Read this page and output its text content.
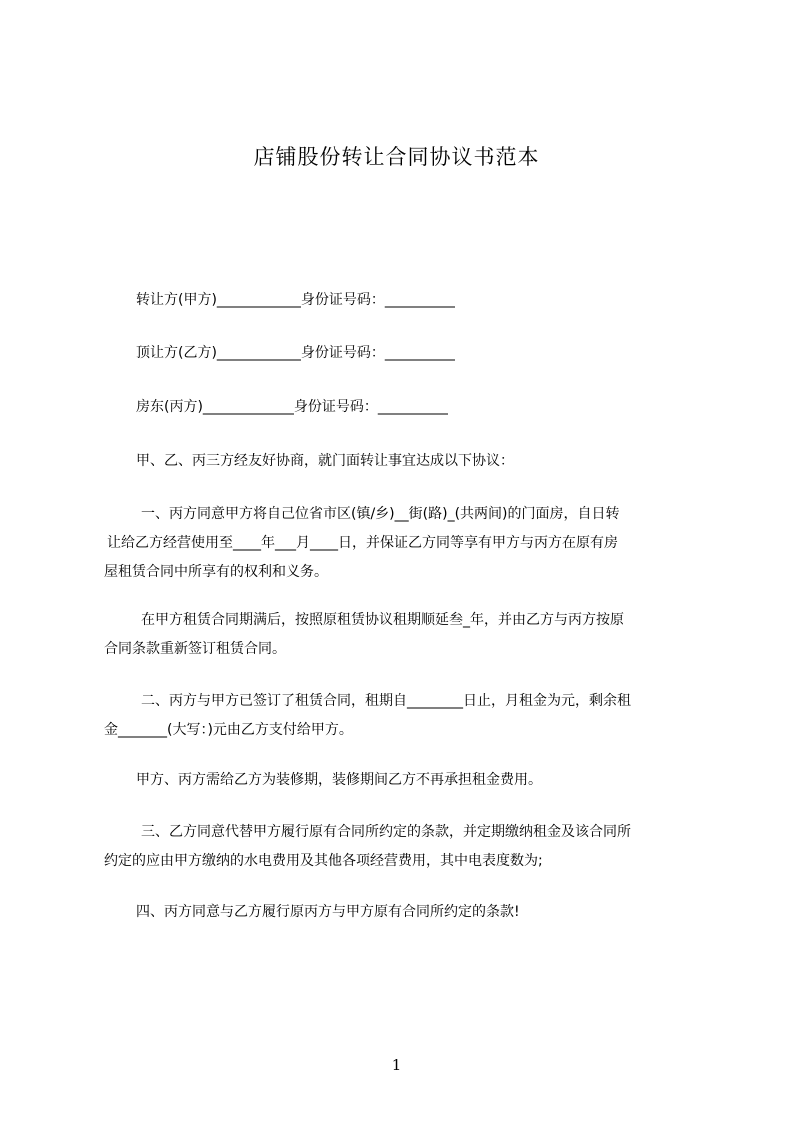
店铺股份转让合同协议书范本
转让方(甲方)____________身份证号码：__________
顶让方(乙方)____________身份证号码：__________
房东(丙方)_____________身份证号码：__________
甲、乙、丙三方经友好协商，就门面转让事宜达成以下协议：

一、丙方同意甲方将自己位省市区(镇/乡)__街(路)_(共两间)的门面房，自日转

让给乙方经营使用至____年___月____日，并保证乙方同等享有甲方与丙方在原有房

屋租赁合同中所享有的权利和义务。

在甲方租赁合同期满后，按照原租赁协议租期顺延叁_年，并由乙方与丙方按原

合同条款重新签订租赁合同。

二、丙方与甲方已签订了租赁合同，租期自________日止，月租金为元，剩余租

金_______(大写：)元由乙方支付给甲方。

甲方、丙方需给乙方为装修期，装修期间乙方不再承担租金费用。

三、乙方同意代替甲方履行原有合同所约定的条款，并定期缴纳租金及该合同所

约定的应由甲方缴纳的水电费用及其他各项经营费用，其中电表度数为;

四、丙方同意与乙方履行原丙方与甲方原有合同所约定的条款!
1
